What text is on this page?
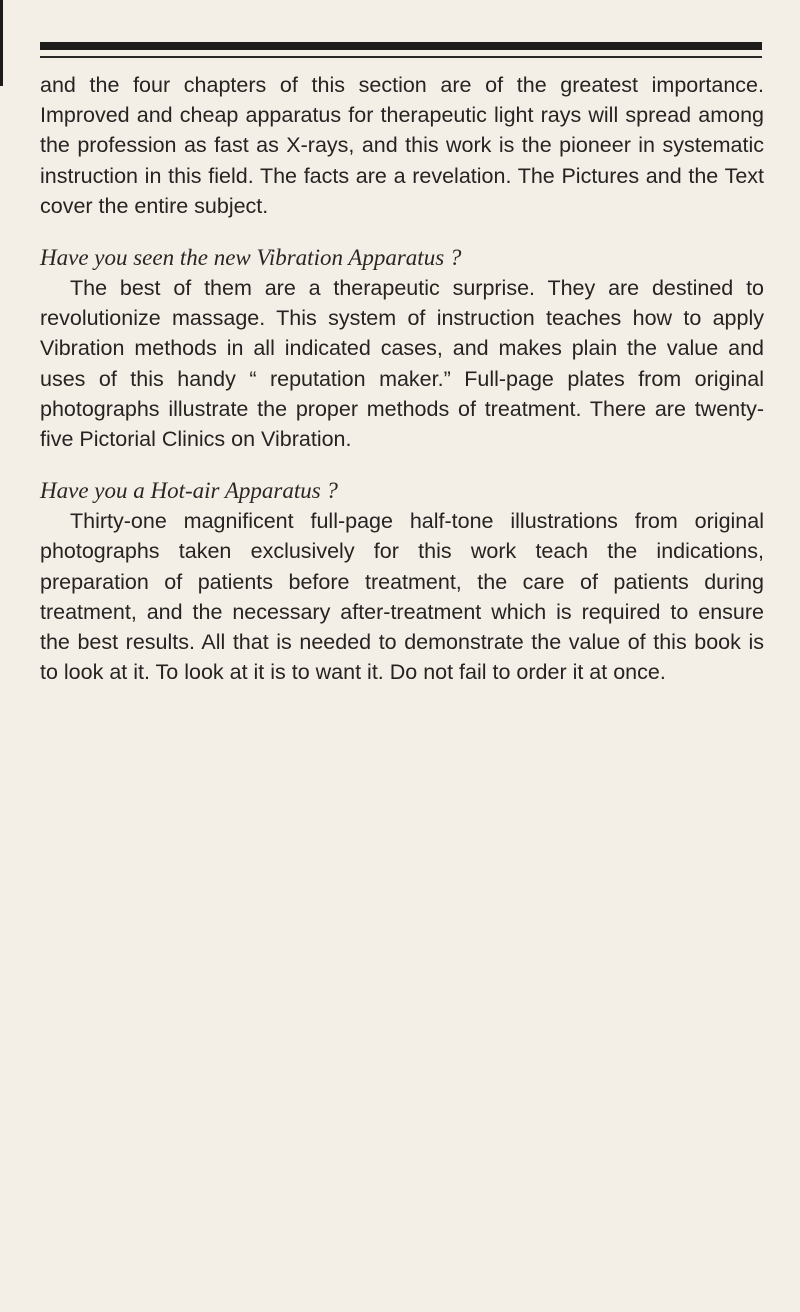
and the four chapters of this section are of the greatest importance. Improved and cheap apparatus for therapeutic light rays will spread among the profession as fast as X-rays, and this work is the pioneer in systematic instruction in this field. The facts are a revelation. The Pictures and the Text cover the entire subject.

Have you seen the new Vibration Apparatus ?

The best of them are a therapeutic surprise. They are destined to revolutionize massage. This system of instruction teaches how to apply Vibration methods in all indicated cases, and makes plain the value and uses of this handy “ reputation maker.” Full-page plates from original photographs illustrate the proper methods of treatment. There are twenty-five Pictorial Clinics on Vibration.

Have you a Hot-air Apparatus ?

Thirty-one magnificent full-page half-tone illustrations from original photographs taken exclusively for this work teach the indications, preparation of patients before treatment, the care of patients during treatment, and the necessary after-treatment which is required to ensure the best results. All that is needed to demonstrate the value of this book is to look at it. To look at it is to want it. Do not fail to order it at once.
